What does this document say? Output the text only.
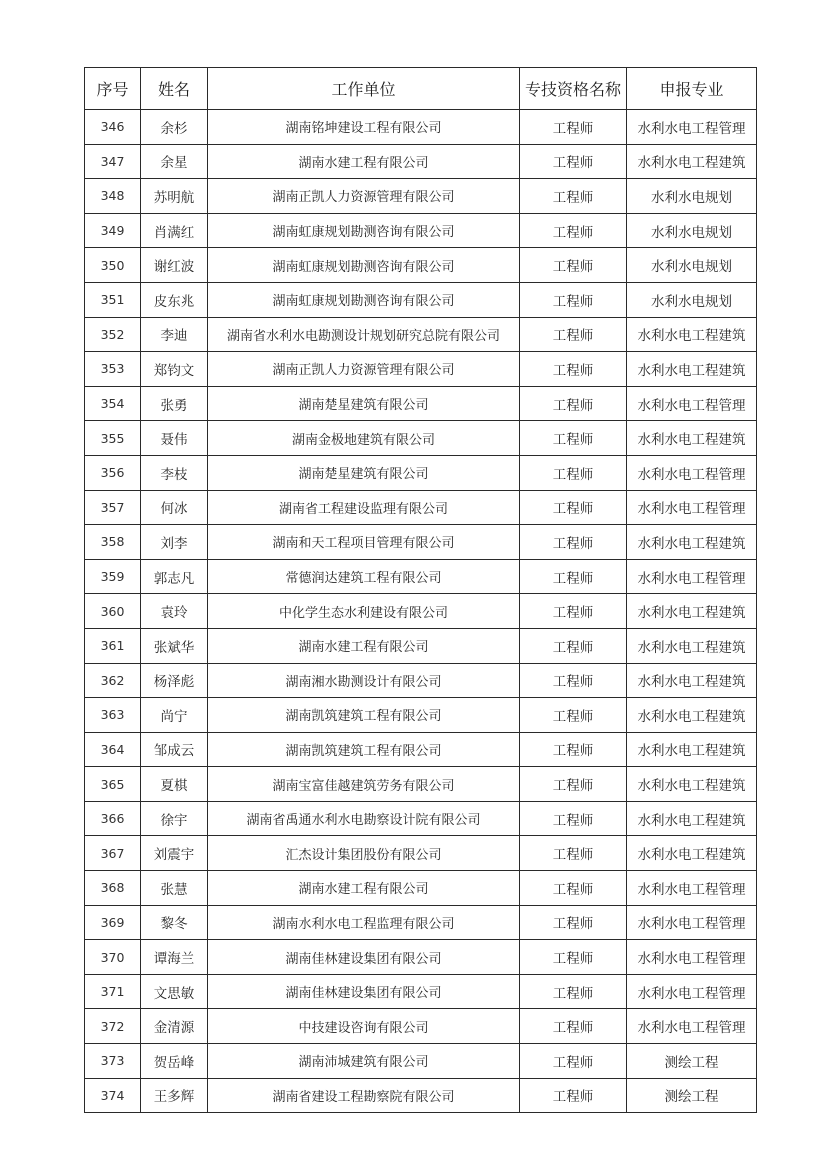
序号	姓名	工作单位	专技资格名称	申报专业
346	余杉	湖南铭坤建设工程有限公司	工程师	水利水电工程管理
347	余星	湖南水建工程有限公司	工程师	水利水电工程建筑
348	苏明航	湖南正凯人力资源管理有限公司	工程师	水利水电规划
349	肖满红	湖南虹康规划勘测咨询有限公司	工程师	水利水电规划
350	谢红波	湖南虹康规划勘测咨询有限公司	工程师	水利水电规划
351	皮东兆	湖南虹康规划勘测咨询有限公司	工程师	水利水电规划
352	李迪	湖南省水利水电勘测设计规划研究总院有限公司	工程师	水利水电工程建筑
353	郑钧文	湖南正凯人力资源管理有限公司	工程师	水利水电工程建筑
354	张勇	湖南楚星建筑有限公司	工程师	水利水电工程管理
355	聂伟	湖南金极地建筑有限公司	工程师	水利水电工程建筑
356	李枝	湖南楚星建筑有限公司	工程师	水利水电工程管理
357	何冰	湖南省工程建设监理有限公司	工程师	水利水电工程管理
358	刘李	湖南和天工程项目管理有限公司	工程师	水利水电工程建筑
359	郭志凡	常德润达建筑工程有限公司	工程师	水利水电工程管理
360	袁玲	中化学生态水利建设有限公司	工程师	水利水电工程建筑
361	张斌华	湖南水建工程有限公司	工程师	水利水电工程建筑
362	杨泽彪	湖南湘水勘测设计有限公司	工程师	水利水电工程建筑
363	尚宁	湖南凯筑建筑工程有限公司	工程师	水利水电工程建筑
364	邹成云	湖南凯筑建筑工程有限公司	工程师	水利水电工程建筑
365	夏棋	湖南宝富佳越建筑劳务有限公司	工程师	水利水电工程建筑
366	徐宇	湖南省禹通水利水电勘察设计院有限公司	工程师	水利水电工程建筑
367	刘震宇	汇杰设计集团股份有限公司	工程师	水利水电工程建筑
368	张慧	湖南水建工程有限公司	工程师	水利水电工程管理
369	黎冬	湖南水利水电工程监理有限公司	工程师	水利水电工程管理
370	谭海兰	湖南佳林建设集团有限公司	工程师	水利水电工程管理
371	文思敏	湖南佳林建设集团有限公司	工程师	水利水电工程管理
372	金清源	中技建设咨询有限公司	工程师	水利水电工程管理
373	贺岳峰	湖南沛城建筑有限公司	工程师	测绘工程
374	王多辉	湖南省建设工程勘察院有限公司	工程师	测绘工程
